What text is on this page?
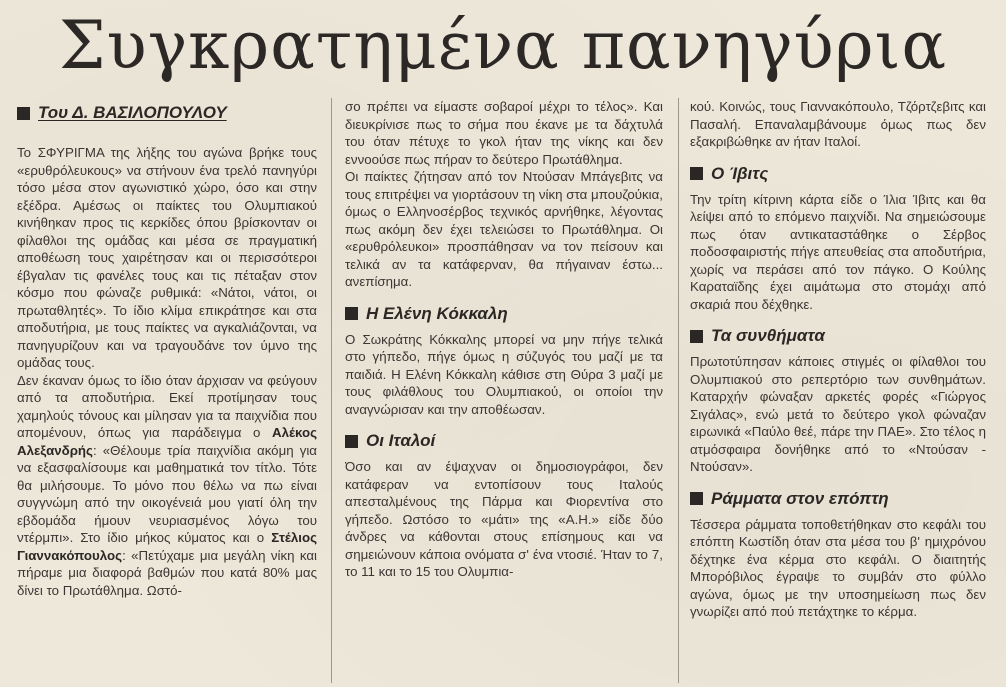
Συγκρατημένα πανηγύρια
Του Δ. ΒΑΣΙΛΟΠΟΥΛΟΥ

Το ΣΦΥΡΙΓΜΑ της λήξης του αγώνα βρήκε τους «ερυθρόλευκους» να στήνουν ένα τρελό πανηγύρι τόσο μέσα στον αγωνιστικό χώρο, όσο και στην εξέδρα. Αμέσως οι παίκτες του Ολυμπιακού κινήθηκαν προς τις κερκίδες όπου βρίσκονταν οι φίλαθλοι της ομάδας και μέσα σε πραγματική αποθέωση τους χαιρέτησαν και οι περισσότεροι έβγαλαν τις φανέλες τους και τις πέταξαν στον κόσμο που φώναζε ρυθμικά: «Νάτοι, νάτοι, οι πρωταθλητές». Το ίδιο κλίμα επικράτησε και στα αποδυτήρια, με τους παίκτες να αγκαλιάζονται, να πανηγυρίζουν και να τραγουδάνε τον ύμνο της ομάδας τους.

Δεν έκαναν όμως το ίδιο όταν άρχισαν να φεύγουν από τα αποδυτήρια. Εκεί προτίμησαν τους χαμηλούς τόνους και μίλησαν για τα παιχνίδια που απομένουν, όπως για παράδειγμα ο Αλέκος Αλεξανδρής: «Θέλουμε τρία παιχνίδια ακόμη για να εξασφαλίσουμε και μαθηματικά τον τίτλο. Τότε θα μιλήσουμε. Το μόνο που θέλω να πω είναι συγγνώμη από την οικογένειά μου γιατί όλη την εβδομάδα ήμουν νευριασμένος λόγω του ντέρμπι». Στο ίδιο μήκος κύματος και ο Στέλιος Γιαννακόπουλος: «Πετύχαμε μια μεγάλη νίκη και πήραμε μια διαφορά βαθμών που κατά 80% μας δίνει το Πρωτάθλημα. Ωστό-

σο πρέπει να είμαστε σοβαροί μέχρι το τέλος». Και διευκρίνισε πως το σήμα που έκανε με τα δάχτυλά του όταν πέτυχε το γκολ ήταν της νίκης και δεν εννοούσε πως πήραν το δεύτερο Πρωτάθλημα.

Οι παίκτες ζήτησαν από τον Ντούσαν Μπάγεβιτς να τους επιτρέψει να γιορτάσουν τη νίκη στα μπουζούκια, όμως ο Ελληνοσέρβος τεχνικός αρνήθηκε, λέγοντας πως ακόμη δεν έχει τελειώσει το Πρωτάθλημα. Οι «ερυθρόλευκοι» προσπάθησαν να τον πείσουν και τελικά αν τα κατάφερναν, θα πήγαιναν έστω... ανεπίσημα.

Η Ελένη Κόκκαλη

Ο Σωκράτης Κόκκαλης μπορεί να μην πήγε τελικά στο γήπεδο, πήγε όμως η σύζυγός του μαζί με τα παιδιά. Η Ελένη Κόκκαλη κάθισε στη Θύρα 3 μαζί με τους φιλάθλους του Ολυμπιακού, οι οποίοι την αναγνώρισαν και την αποθέωσαν.

Οι Ιταλοί

Όσο και αν έψαχναν οι δημοσιογράφοι, δεν κατάφεραν να εντοπίσουν τους Ιταλούς απεσταλμένους της Πάρμα και Φιορεντίνα στο γήπεδο. Ωστόσο το «μάτι» της «Α.Η.» είδε δύο άνδρες να κάθονται στους επίσημους και να σημειώνουν κάποια ονόματα σ' ένα ντοσιέ. Ήταν το 7, το 11 και το 15 του Ολυμπια-

κού. Κοινώς, τους Γιαννακόπουλο, Τζόρτζεβιτς και Πασαλή. Επαναλαμβάνουμε όμως πως δεν εξακριβώθηκε αν ήταν Ιταλοί.

Ο Ίβιτς

Την τρίτη κίτρινη κάρτα είδε ο Ίλια Ίβιτς και θα λείψει από το επόμενο παιχνίδι. Να σημειώσουμε πως όταν αντικαταστάθηκε ο Σέρβος ποδοσφαιριστής πήγε απευθείας στα αποδυτήρια, χωρίς να περάσει από τον πάγκο. Ο Κούλης Καραταϊδης έχει αιμάτωμα στο στομάχι από σκαριά που δέχθηκε.

Τα συνθήματα

Πρωτοτύπησαν κάποιες στιγμές οι φίλαθλοι του Ολυμπιακού στο ρεπερτόριο των συνθημάτων. Καταρχήν φώναξαν αρκετές φορές «Γιώργος Σιγάλας», ενώ μετά το δεύτερο γκολ φώναζαν ειρωνικά «Παύλο θεέ, πάρε την ΠΑΕ». Στο τέλος η ατμόσφαιρα δονήθηκε από το «Ντούσαν - Ντούσαν».

Ράμματα στον επόπτη

Τέσσερα ράμματα τοποθετήθηκαν στο κεφάλι του επόπτη Κωστίδη όταν στα μέσα του β' ημιχρόνου δέχτηκε ένα κέρμα στο κεφάλι. Ο διαιτητής Μπορόβιλος έγραψε το συμβάν στο φύλλο αγώνα, όμως με την υποσημείωση πως δεν γνωρίζει από πού πετάχτηκε το κέρμα.
